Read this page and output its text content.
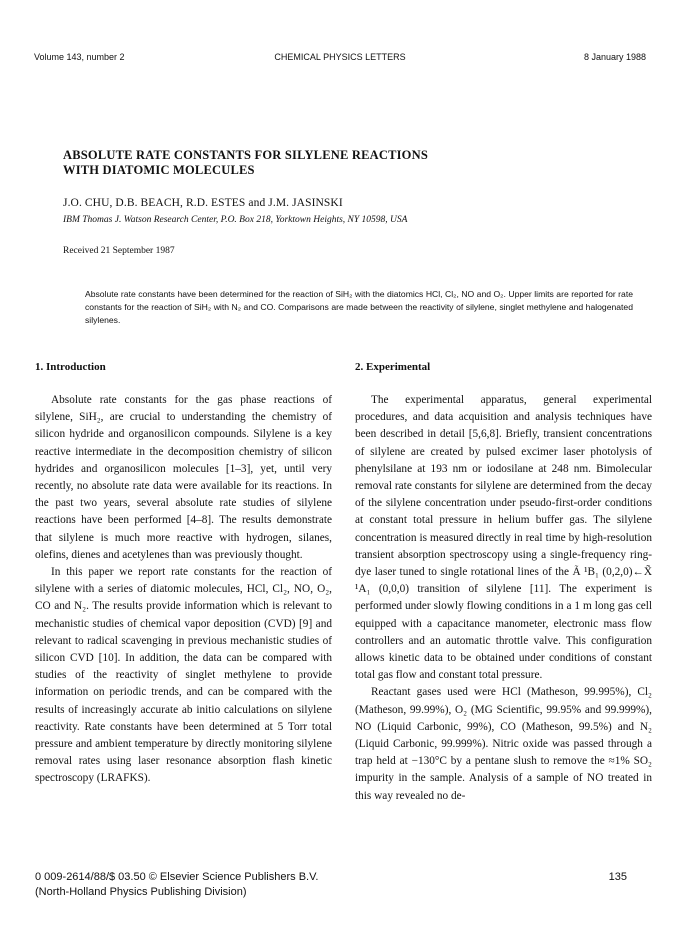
Volume 143, number 2	CHEMICAL PHYSICS LETTERS	8 January 1988
ABSOLUTE RATE CONSTANTS FOR SILYLENE REACTIONS
WITH DIATOMIC MOLECULES
J.O. CHU, D.B. BEACH, R.D. ESTES and J.M. JASINSKI
IBM Thomas J. Watson Research Center, P.O. Box 218, Yorktown Heights, NY 10598, USA
Received 21 September 1987
Absolute rate constants have been determined for the reaction of SiH₂ with the diatomics HCl, Cl₂, NO and O₂. Upper limits are reported for rate constants for the reaction of SiH₂ with N₂ and CO. Comparisons are made between the reactivity of silylene, singlet methylene and halogenated silylenes.
1. Introduction

Absolute rate constants for the gas phase reactions of silylene, SiH₂, are crucial to understanding the chemistry of silicon hydride and organosilicon compounds. Silylene is a key reactive intermediate in the decomposition chemistry of silicon hydrides and organosilicon molecules [1–3], yet, until very recently, no absolute rate data were available for its reactions. In the past two years, several absolute rate studies of silylene reactions have been performed [4–8]. The results demonstrate that silylene is much more reactive with hydrogen, silanes, olefins, dienes and acetylenes than was previously thought.

In this paper we report rate constants for the reaction of silylene with a series of diatomic molecules, HCl, Cl₂, NO, O₂, CO and N₂. The results provide information which is relevant to mechanistic studies of chemical vapor deposition (CVD) [9] and relevant to radical scavenging in previous mechanistic studies of silicon CVD [10]. In addition, the data can be compared with studies of the reactivity of singlet methylene to provide information on periodic trends, and can be compared with the results of increasingly accurate ab initio calculations on silylene reactivity. Rate constants have been determined at 5 Torr total pressure and ambient temperature by directly monitoring silylene removal rates using laser resonance absorption flash kinetic spectroscopy (LRAFKS).

2. Experimental

The experimental apparatus, general experimental procedures, and data acquisition and analysis techniques have been described in detail [5,6,8]. Briefly, transient concentrations of silylene are created by pulsed excimer laser photolysis of phenylsilane at 193 nm or iodosilane at 248 nm. Bimolecular removal rate constants for silylene are determined from the decay of the silylene concentration under pseudo-first-order conditions at constant total pressure in helium buffer gas. The silylene concentration is measured directly in real time by high-resolution transient absorption spectroscopy using a single-frequency ring-dye laser tuned to single rotational lines of the Ã ¹B₁ (0,2,0)←X̃ ¹A₁ (0,0,0) transition of silylene [11]. The experiment is performed under slowly flowing conditions in a 1 m long gas cell equipped with a capacitance manometer, electronic mass flow controllers and an automatic throttle valve. This configuration allows kinetic data to be obtained under conditions of constant total gas flow and constant total pressure.

Reactant gases used were HCl (Matheson, 99.995%), Cl₂ (Matheson, 99.99%), O₂ (MG Scientific, 99.95% and 99.999%), NO (Liquid Carbonic, 99%), CO (Matheson, 99.5%) and N₂ (Liquid Carbonic, 99.999%). Nitric oxide was passed through a trap held at −130°C by a pentane slush to remove the ≈1% SO₂ impurity in the sample. Analysis of a sample of NO treated in this way revealed no de-

0 009-2614/88/$ 03.50 © Elsevier Science Publishers B.V.
(North-Holland Physics Publishing Division)
135
